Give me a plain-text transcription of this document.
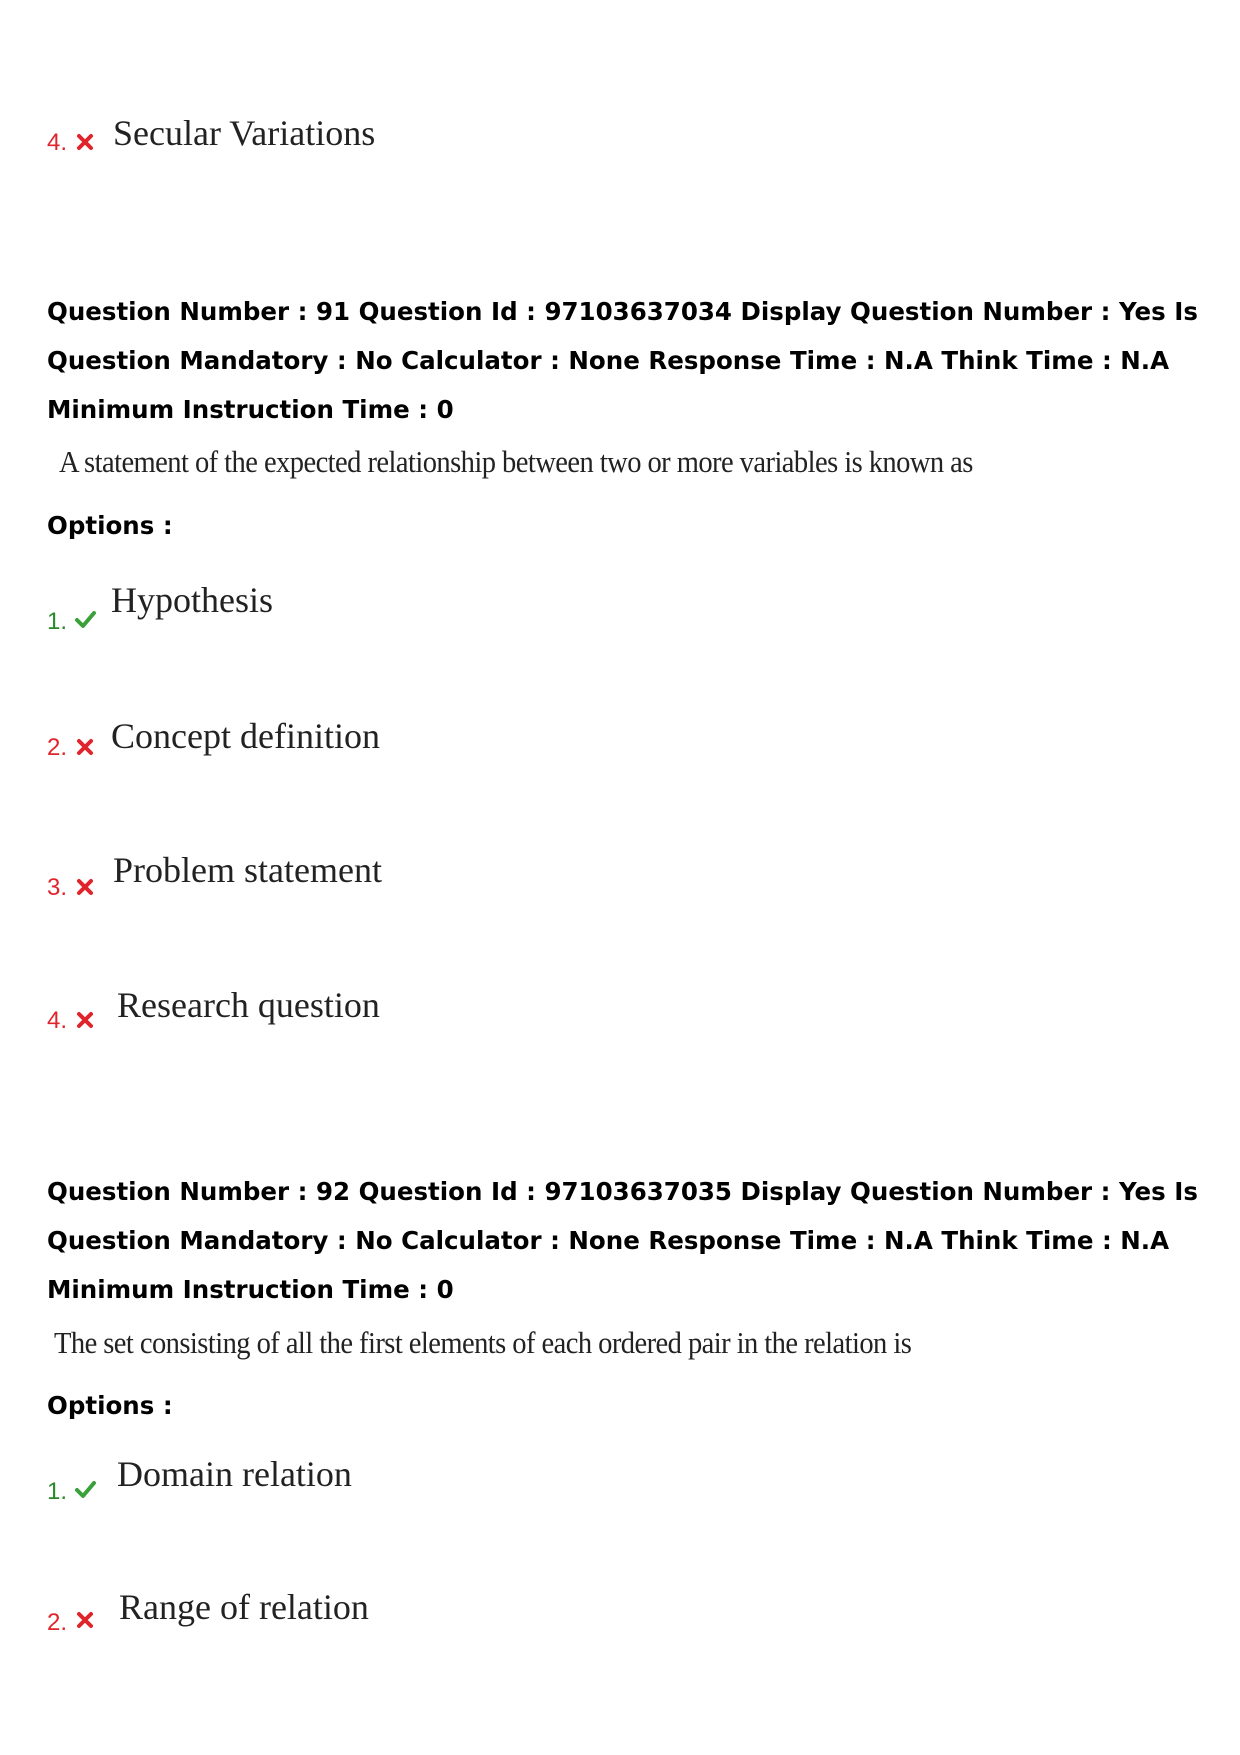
4. Secular Variations
Question Number : 91 Question Id : 97103637034 Display Question Number : Yes Is Question Mandatory : No Calculator : None Response Time : N.A Think Time : N.A Minimum Instruction Time : 0
A statement of the expected relationship between two or more variables is known as
Options :
1.
Hypothesis
2. Concept definition
3. Problem statement
4. Research question
Question Number : 92 Question Id : 97103637035 Display Question Number : Yes Is Question Mandatory : No Calculator : None Response Time : N.A Think Time : N.A Minimum Instruction Time : 0
The set consisting of all the first elements of each ordered pair in the relation is
Options :
1. Domain relation
2. Range of relation
